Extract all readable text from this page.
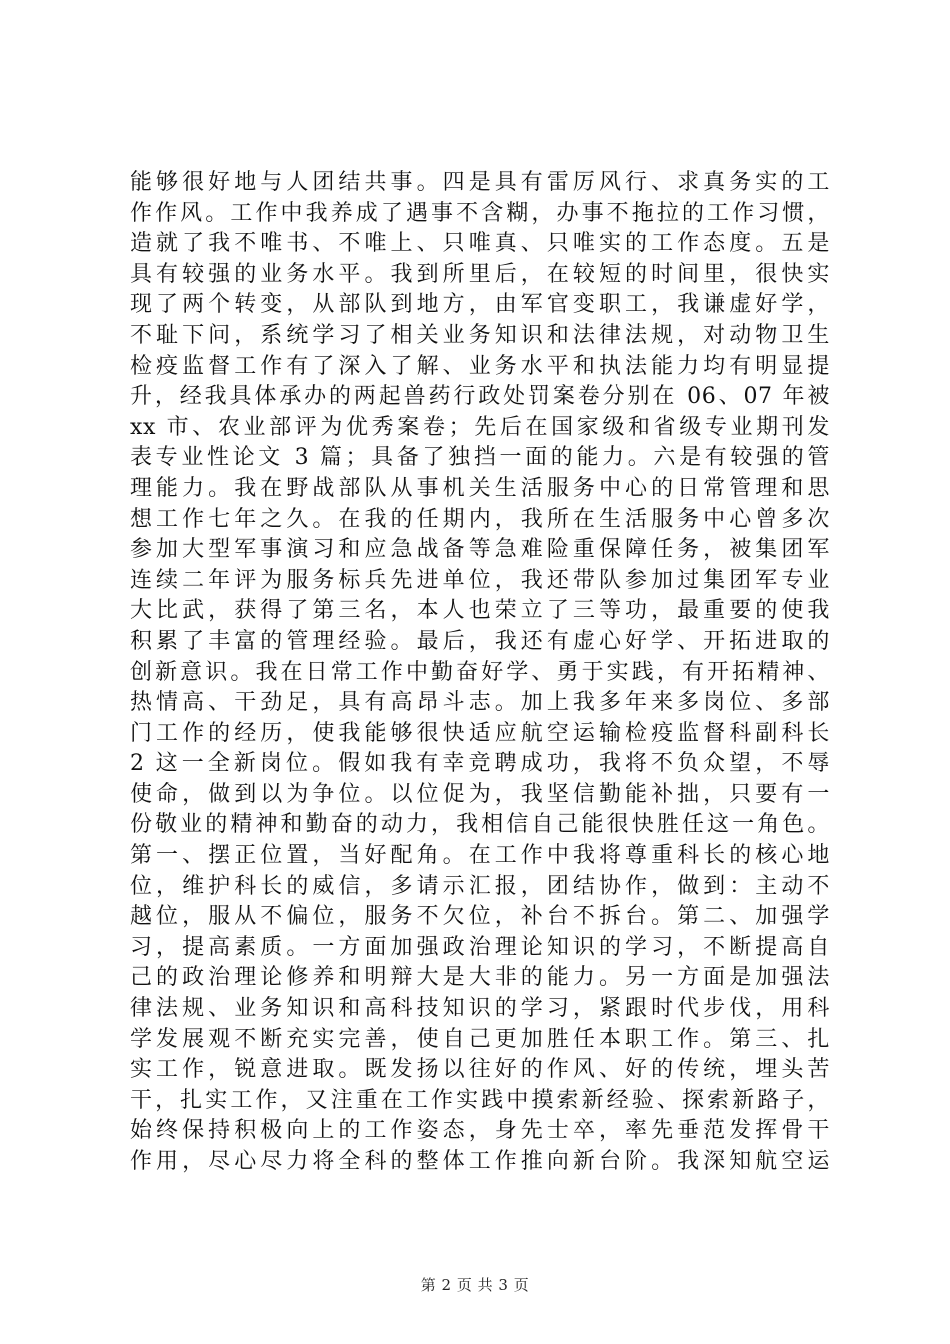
能够很好地与人团结共事。四是具有雷厉风行、求真务实的工
作作风。工作中我养成了遇事不含糊，办事不拖拉的工作习惯，
造就了我不唯书、不唯上、只唯真、只唯实的工作态度。五是
具有较强的业务水平。我到所里后，在较短的时间里，很快实
现了两个转变，从部队到地方，由军官变职工，我谦虚好学，
不耻下问，系统学习了相关业务知识和法律法规，对动物卫生
检疫监督工作有了深入了解、业务水平和执法能力均有明显提
升，经我具体承办的两起兽药行政处罚案卷分别在 06、07 年被
xx 市、农业部评为优秀案卷；先后在国家级和省级专业期刊发
表专业性论文 3 篇；具备了独挡一面的能力。六是有较强的管
理能力。我在野战部队从事机关生活服务中心的日常管理和思
想工作七年之久。在我的任期内，我所在生活服务中心曾多次
参加大型军事演习和应急战备等急难险重保障任务，被集团军
连续二年评为服务标兵先进单位，我还带队参加过集团军专业
大比武，获得了第三名，本人也荣立了三等功，最重要的使我
积累了丰富的管理经验。最后，我还有虚心好学、开拓进取的
创新意识。我在日常工作中勤奋好学、勇于实践，有开拓精神、
热情高、干劲足，具有高昂斗志。加上我多年来多岗位、多部
门工作的经历，使我能够很快适应航空运输检疫监督科副科长
2 这一全新岗位。假如我有幸竞聘成功，我将不负众望，不辱
使命，做到以为争位。以位促为，我坚信勤能补拙，只要有一
份敬业的精神和勤奋的动力，我相信自己能很快胜任这一角色。
第一、摆正位置，当好配角。在工作中我将尊重科长的核心地
位，维护科长的威信，多请示汇报，团结协作，做到：主动不
越位，服从不偏位，服务不欠位，补台不拆台。第二、加强学
习，提高素质。一方面加强政治理论知识的学习，不断提高自
己的政治理论修养和明辩大是大非的能力。另一方面是加强法
律法规、业务知识和高科技知识的学习，紧跟时代步伐，用科
学发展观不断充实完善，使自己更加胜任本职工作。第三、扎
实工作，锐意进取。既发扬以往好的作风、好的传统，埋头苦
干，扎实工作，又注重在工作实践中摸索新经验、探索新路子，
始终保持积极向上的工作姿态，身先士卒，率先垂范发挥骨干
作用，尽心尽力将全科的整体工作推向新台阶。我深知航空运
第 2 页 共 3 页
